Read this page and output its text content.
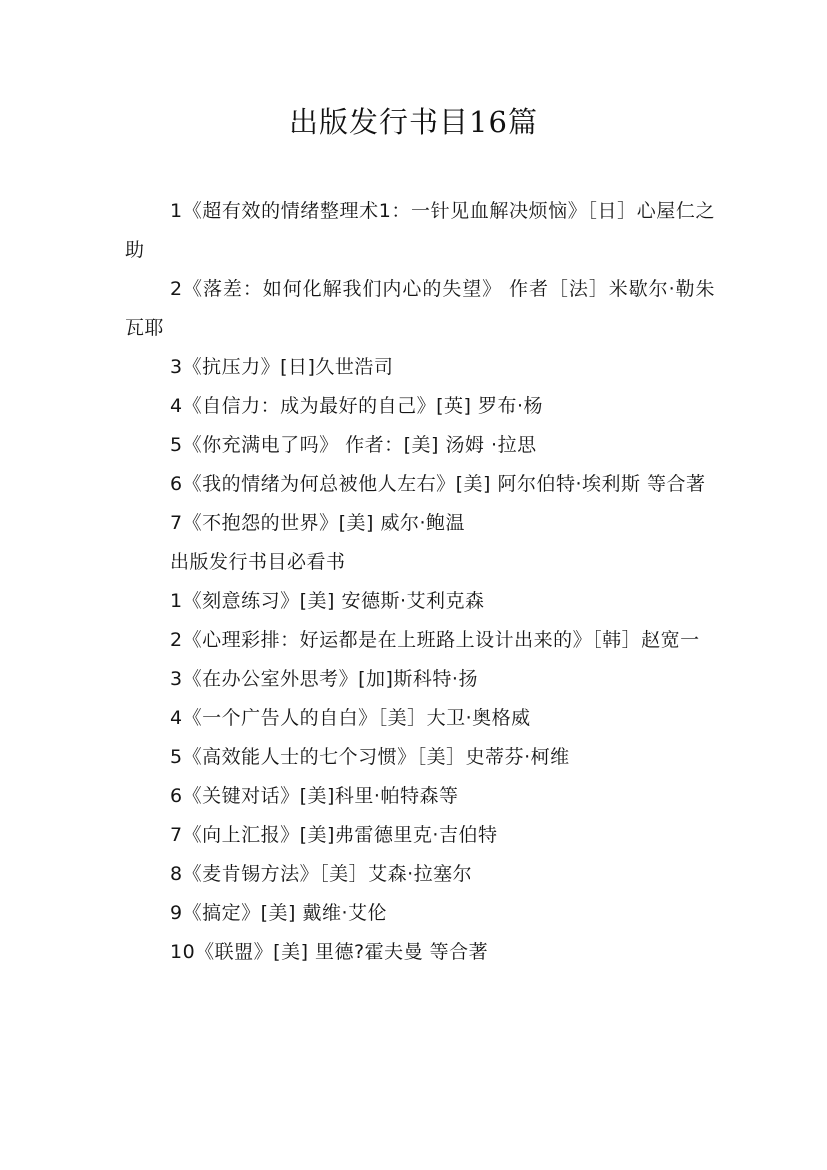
出版发行书目16篇

1《超有效的情绪整理术1：一针见血解决烦恼》［日］心屋仁之助

2《落差：如何化解我们内心的失望》 作者［法］米歇尔·勒朱瓦耶

3《抗压力》[日]久世浩司

4《自信力：成为最好的自己》[英] 罗布·杨

5《你充满电了吗》 作者：[美] 汤姆 ·拉思

6《我的情绪为何总被他人左右》[美] 阿尔伯特·埃利斯 等合著

7《不抱怨的世界》[美] 威尔·鲍温

出版发行书目必看书

1《刻意练习》[美] 安德斯·艾利克森

2《心理彩排：好运都是在上班路上设计出来的》［韩］赵宽一

3《在办公室外思考》[加]斯科特·扬

4《一个广告人的自白》［美］大卫·奥格威

5《高效能人士的七个习惯》［美］史蒂芬·柯维

6《关键对话》[美]科里·帕特森等

7《向上汇报》[美]弗雷德里克·吉伯特

8《麦肯锡方法》［美］艾森·拉塞尔

9《搞定》[美] 戴维·艾伦

10《联盟》[美] 里德?霍夫曼 等合著
